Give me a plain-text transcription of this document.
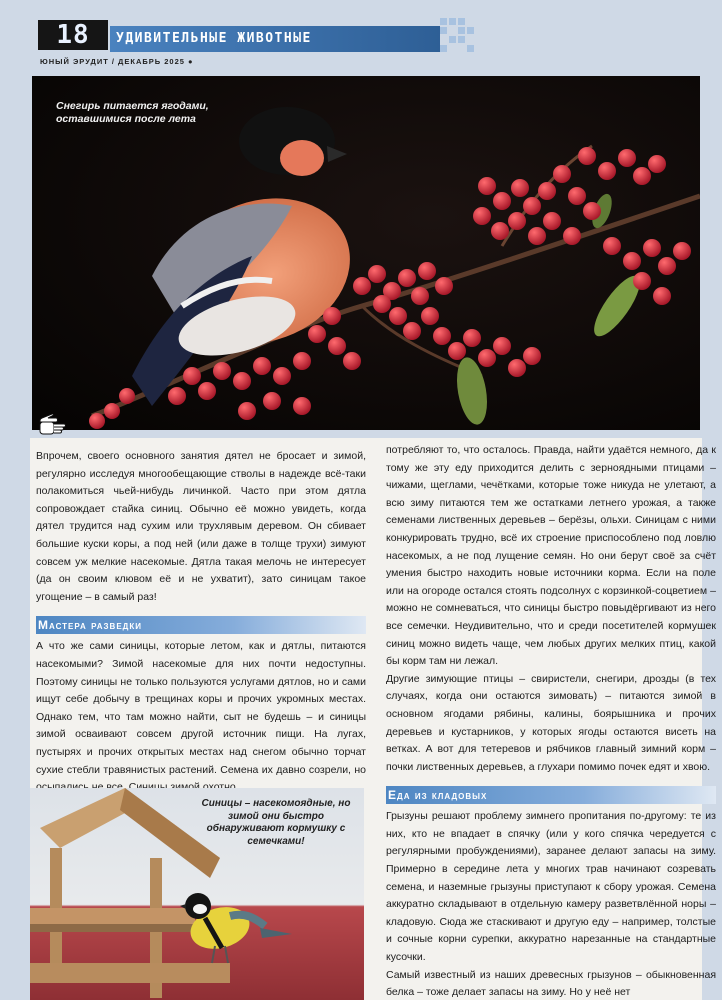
18	УДИВИТЕЛЬНЫЕ ЖИВОТНЫЕ
ЮНЫЙ ЭРУДИТ / ДЕКАБРЬ 2025 ●
Снегирь питается ягодами, оставшимися после лета

Впрочем, своего основного занятия дятел не бросает и зимой, регулярно исследуя многообещающие стволы в надежде всё-таки полакомиться чьей-нибудь личинкой. Часто при этом дятла сопровождает стайка синиц. Обычно её можно увидеть, когда дятел трудится над сухим или трухлявым деревом. Он сбивает большие куски коры, а под ней (или даже в толще трухи) зимуют совсем уж мелкие насекомые. Дятла такая мелочь не интересует (да он своим клювом её и не ухватит), зато синицам такое угощение – в самый раз!

Мастера разведки

А что же сами синицы, которые летом, как и дятлы, питаются насекомыми? Зимой насекомые для них почти недоступны. Поэтому синицы не только пользуются услугами дятлов, но и сами ищут себе добычу в трещинах коры и прочих укромных местах. Однако тем, что там можно найти, сыт не будешь – и синицы зимой осваивают совсем другой источник пищи. На лугах, пустырях и прочих открытых местах над снегом обычно торчат сухие стебли травянистых растений. Семена их давно созрели, но

потребляют то, что осталось. Правда, найти удаётся немного, да к тому же эту еду приходится делить с зерноядными птицами – чижами, щеглами, чечётками, которые тоже никуда не улетают, а всю зиму питаются тем же остатками летнего урожая, а также семенами лиственных деревьев – берёзы, ольхи. Синицам с ними конкурировать трудно, всё их строение приспособлено под ловлю насекомых, а не под лущение семян. Но они берут своё за счёт умения быстро находить новые источники корма. Если на поле или на огороде остался стоять подсолнух с корзинкой-соцветием – можно не сомневаться, что синицы быстро повыдёргивают из него все семечки. Неудивительно, что и среди посетителей кормушек синиц можно видеть чаще, чем любых других мелких птиц, какой бы корм там ни лежал.

Другие зимующие птицы – свиристели, снегири, дрозды (в тех случаях, когда они остаются зимовать) – питаются зимой в основном ягодами рябины, калины, боярышника и прочих деревьев и кустарников, у которых ягоды остаются висеть на ветках. А вот для тетеревов и рябчиков главный зимний корм – почки лиственных деревьев, а глухари помимо почек едят и хвою.

Еда из кладовых

Грызуны решают проблему зимнего пропитания по-другому: те из них, кто не впадает в спячку (или у кого спячка чередуется с регулярными пробуждениями), заранее делают запасы на зиму. Примерно в середине лета у многих трав начинают созревать семена, и наземные грызуны приступают к сбору урожая. Семена аккуратно складывают в отдельную камеру разветвлённой норы – кладовую. Сюда же стаскивают и другую еду – например, толстые и сочные корни сурепки, аккуратно нарезанные на стандартные кусочки.

Самый известный из наших древесных грызунов – обыкновенная белка – тоже делает запасы на зиму. Но у неё нет

Синицы – насекомоядные, но зимой они быстро обнаруживают кормушку с семечками!
